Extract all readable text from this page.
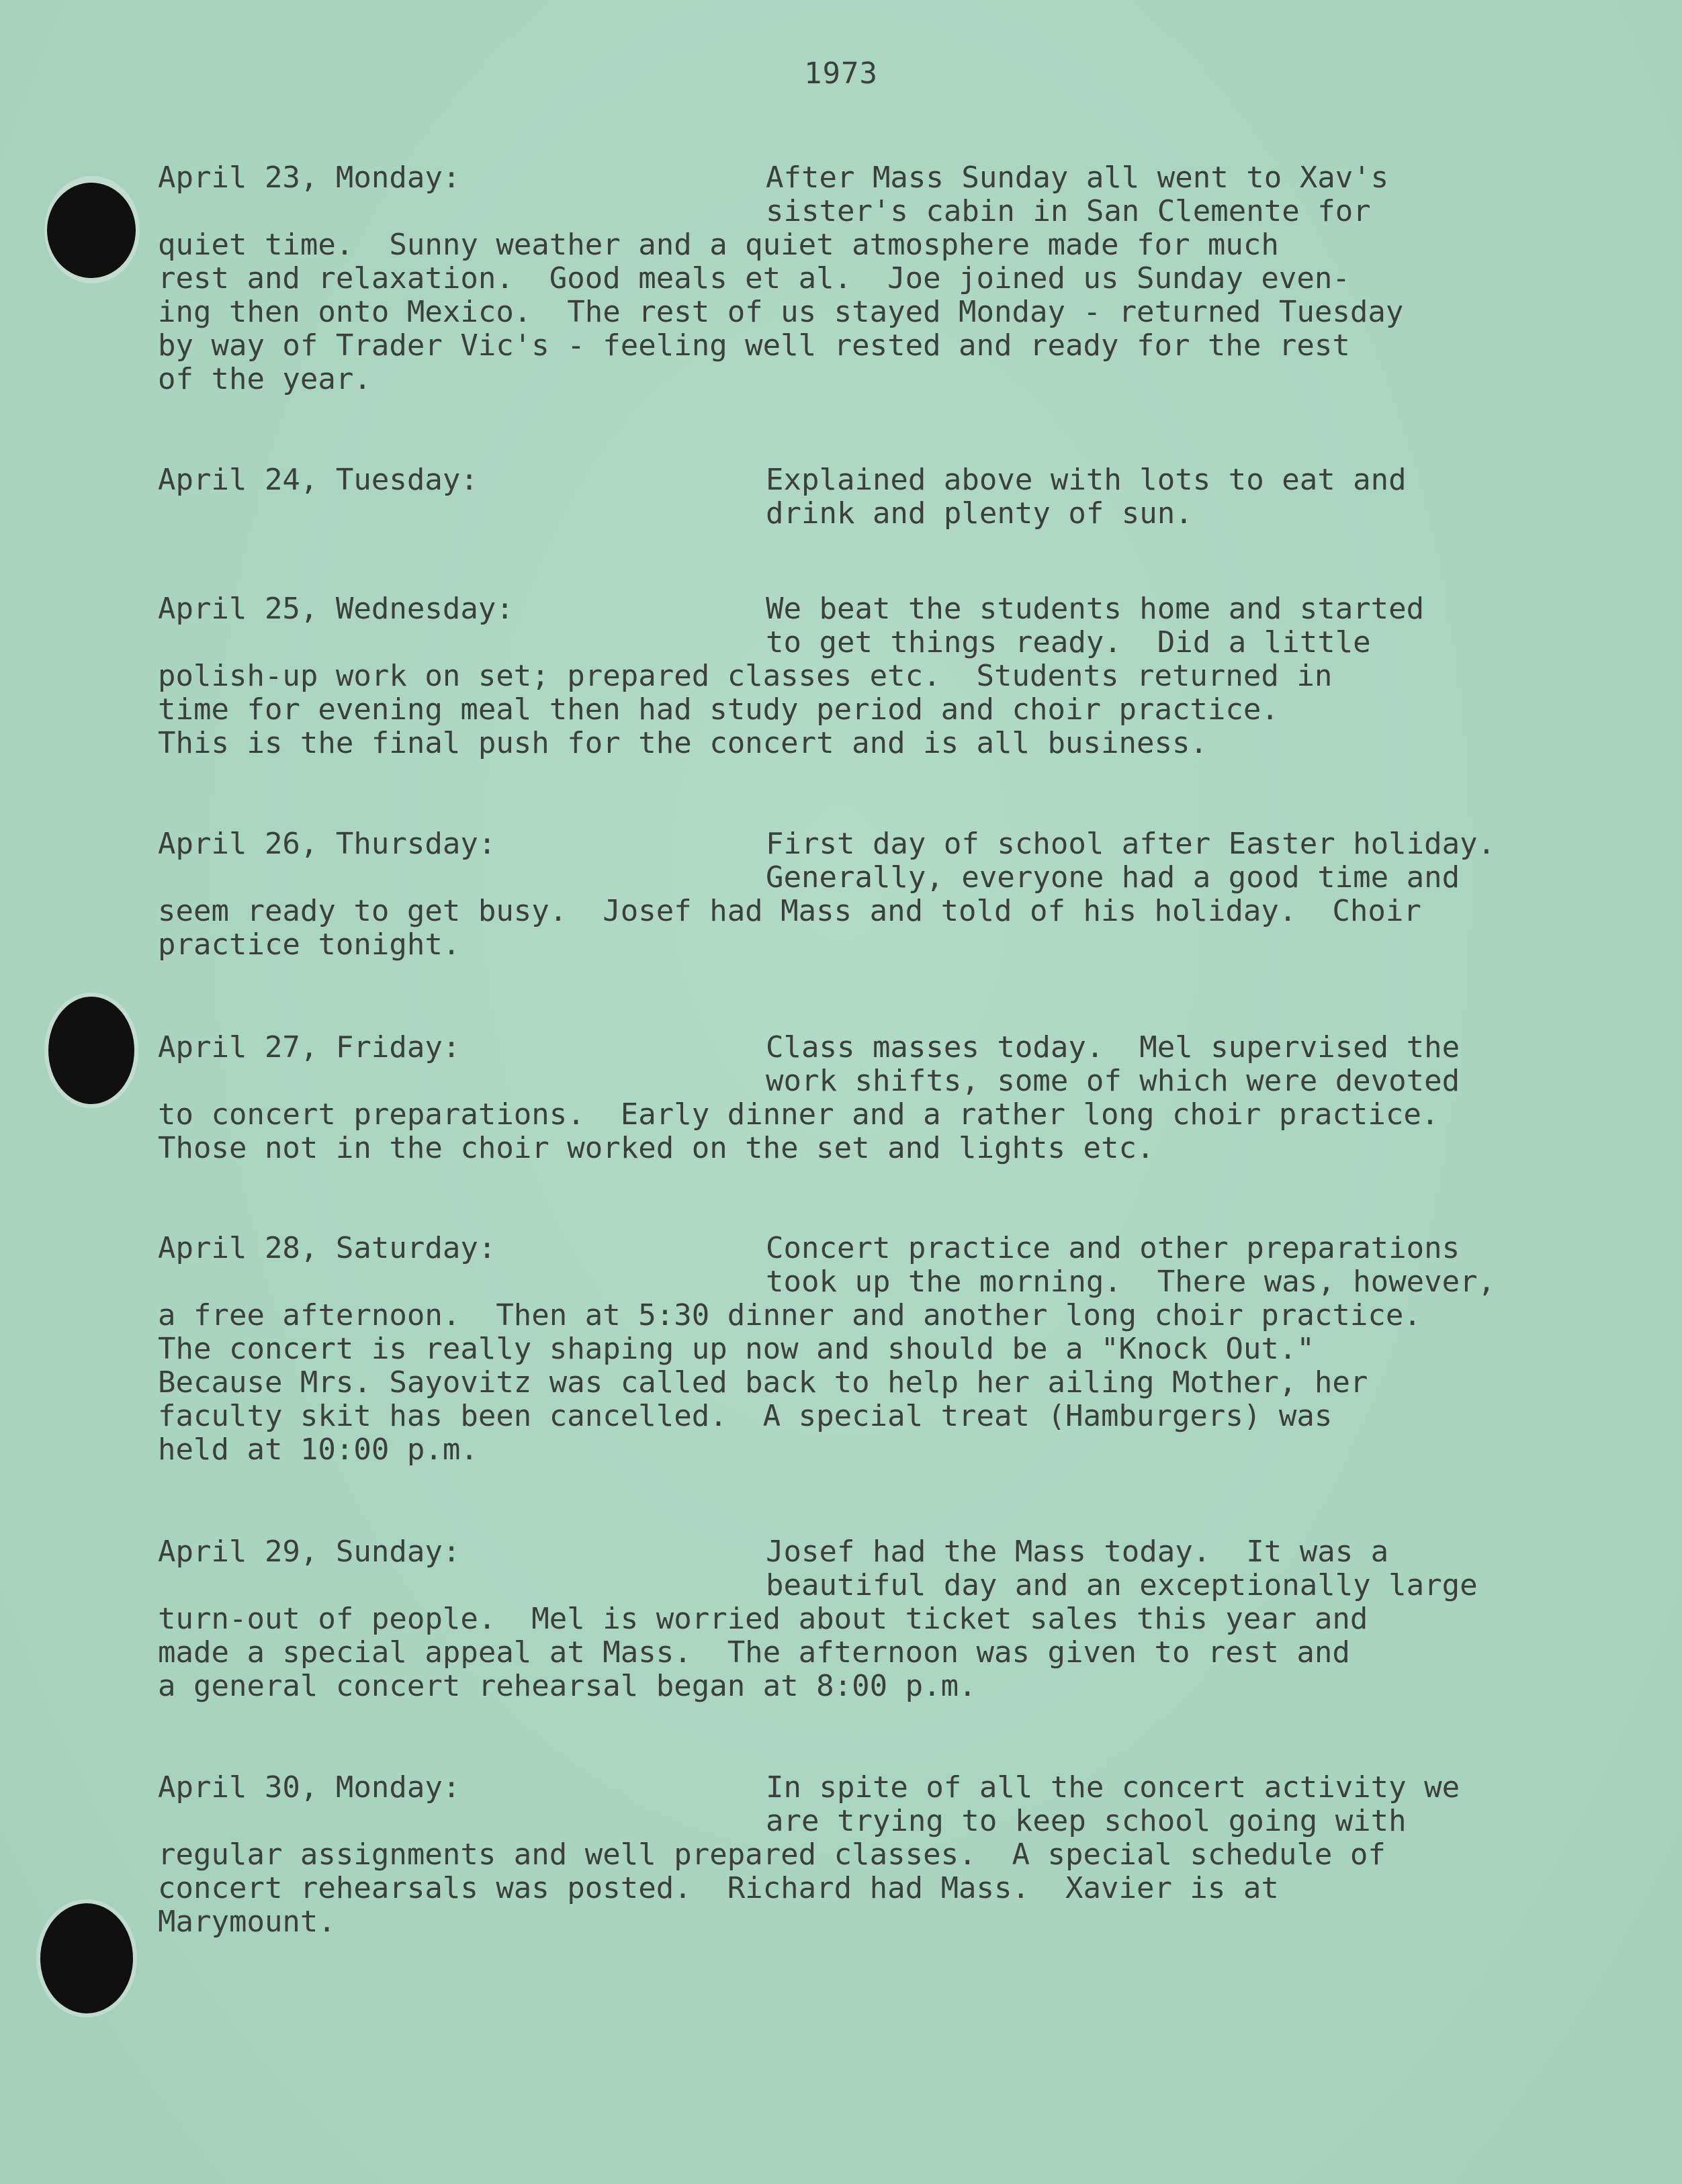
1973
April 23, Monday:	After Mass Sunday all went to Xav's
sister's cabin in San Clemente for
quiet time.  Sunny weather and a quiet atmosphere made for much
rest and relaxation.  Good meals et al.  Joe joined us Sunday even-
ing then onto Mexico.  The rest of us stayed Monday - returned Tuesday
by way of Trader Vic's - feeling well rested and ready for the rest
of the year.
April 24, Tuesday:	Explained above with lots to eat and
drink and plenty of sun.
April 25, Wednesday:	We beat the students home and started
to get things ready.  Did a little
polish-up work on set; prepared classes etc.  Students returned in
time for evening meal then had study period and choir practice.
This is the final push for the concert and is all business.
April 26, Thursday:	First day of school after Easter holiday.
Generally, everyone had a good time and
seem ready to get busy.  Josef had Mass and told of his holiday.  Choir
practice tonight.
April 27, Friday:	Class masses today.  Mel supervised the
work shifts, some of which were devoted
to concert preparations.  Early dinner and a rather long choir practice.
Those not in the choir worked on the set and lights etc.
April 28, Saturday:	Concert practice and other preparations
took up the morning.  There was, however,
a free afternoon.  Then at 5:30 dinner and another long choir practice.
The concert is really shaping up now and should be a "Knock Out."
Because Mrs. Sayovitz was called back to help her ailing Mother, her
faculty skit has been cancelled.  A special treat (Hamburgers) was
held at 10:00 p.m.
April 29, Sunday:	Josef had the Mass today.  It was a
beautiful day and an exceptionally large
turn-out of people.  Mel is worried about ticket sales this year and
made a special appeal at Mass.  The afternoon was given to rest and
a general concert rehearsal began at 8:00 p.m.
April 30, Monday:	In spite of all the concert activity we
are trying to keep school going with
regular assignments and well prepared classes.  A special schedule of
concert rehearsals was posted.  Richard had Mass.  Xavier is at
Marymount.
